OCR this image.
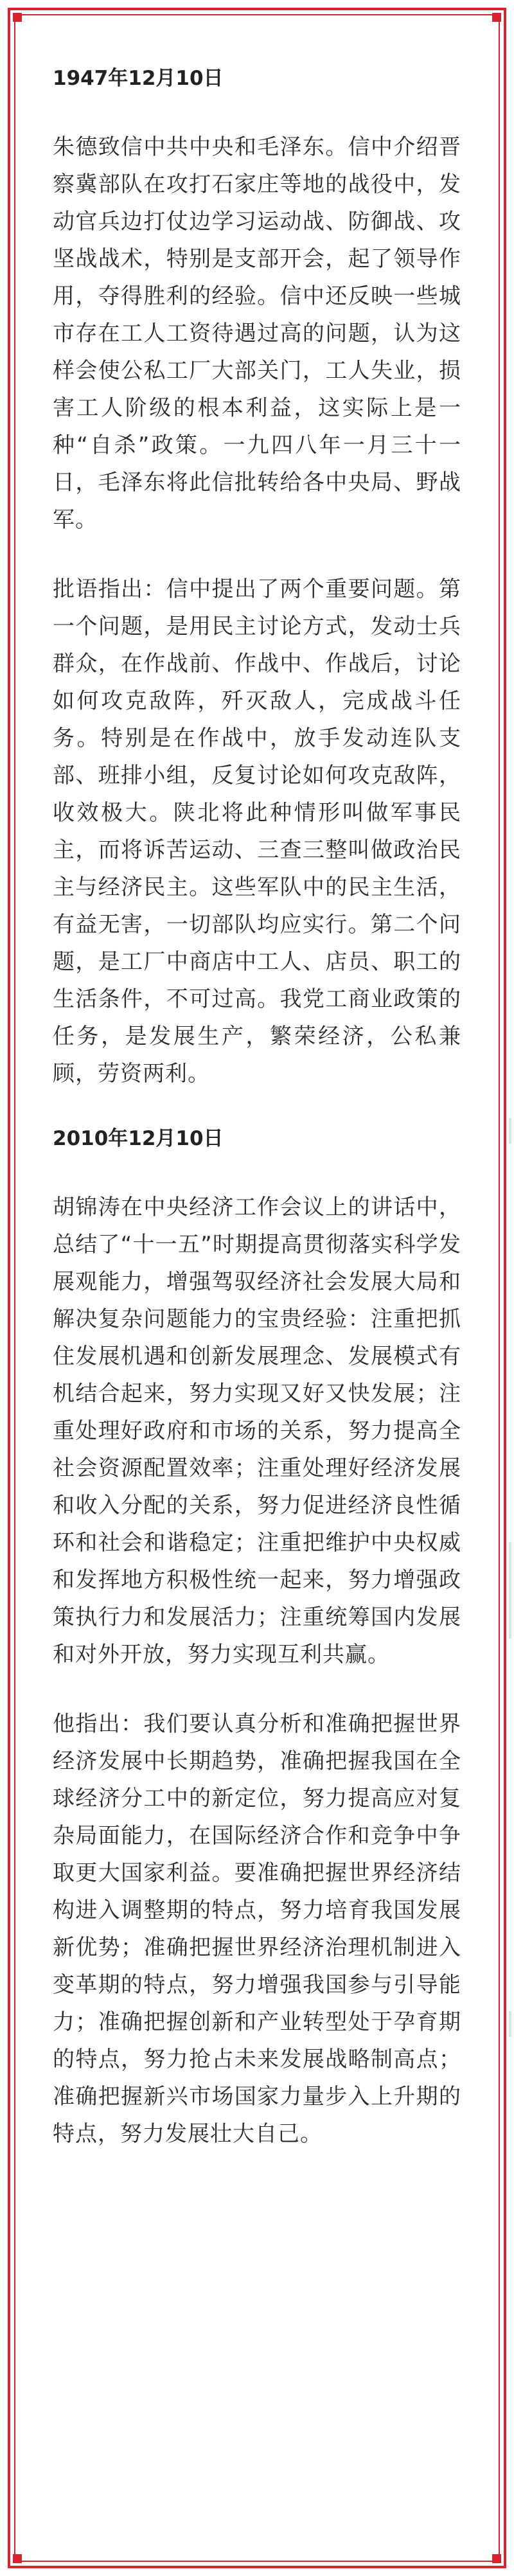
1947年12月10日

朱德致信中共中央和毛泽东。信中介绍晋察冀部队在攻打石家庄等地的战役中，发动官兵边打仗边学习运动战、防御战、攻坚战战术，特别是支部开会，起了领导作用，夺得胜利的经验。信中还反映一些城市存在工人工资待遇过高的问题，认为这样会使公私工厂大部关门，工人失业，损害工人阶级的根本利益，这实际上是一种“自杀”政策。一九四八年一月三十一日，毛泽东将此信批转给各中央局、野战军。

批语指出：信中提出了两个重要问题。第一个问题，是用民主讨论方式，发动士兵群众，在作战前、作战中、作战后，讨论如何攻克敌阵，歼灭敌人，完成战斗任务。特别是在作战中，放手发动连队支部、班排小组，反复讨论如何攻克敌阵，收效极大。陕北将此种情形叫做军事民主，而将诉苦运动、三查三整叫做政治民主与经济民主。这些军队中的民主生活，有益无害，一切部队均应实行。第二个问题，是工厂中商店中工人、店员、职工的生活条件，不可过高。我党工商业政策的任务，是发展生产，繁荣经济，公私兼顾，劳资两利。

2010年12月10日

胡锦涛在中央经济工作会议上的讲话中，总结了“十一五”时期提高贯彻落实科学发展观能力，增强驾驭经济社会发展大局和解决复杂问题能力的宝贵经验：注重把抓住发展机遇和创新发展理念、发展模式有机结合起来，努力实现又好又快发展；注重处理好政府和市场的关系，努力提高全社会资源配置效率；注重处理好经济发展和收入分配的关系，努力促进经济良性循环和社会和谐稳定；注重把维护中央权威和发挥地方积极性统一起来，努力增强政策执行力和发展活力；注重统筹国内发展和对外开放，努力实现互利共赢。

他指出：我们要认真分析和准确把握世界经济发展中长期趋势，准确把握我国在全球经济分工中的新定位，努力提高应对复杂局面能力，在国际经济合作和竞争中争取更大国家利益。要准确把握世界经济结构进入调整期的特点，努力培育我国发展新优势；准确把握世界经济治理机制进入变革期的特点，努力增强我国参与引导能力；准确把握创新和产业转型处于孕育期的特点，努力抢占未来发展战略制高点；准确把握新兴市场国家力量步入上升期的特点，努力发展壮大自己。
